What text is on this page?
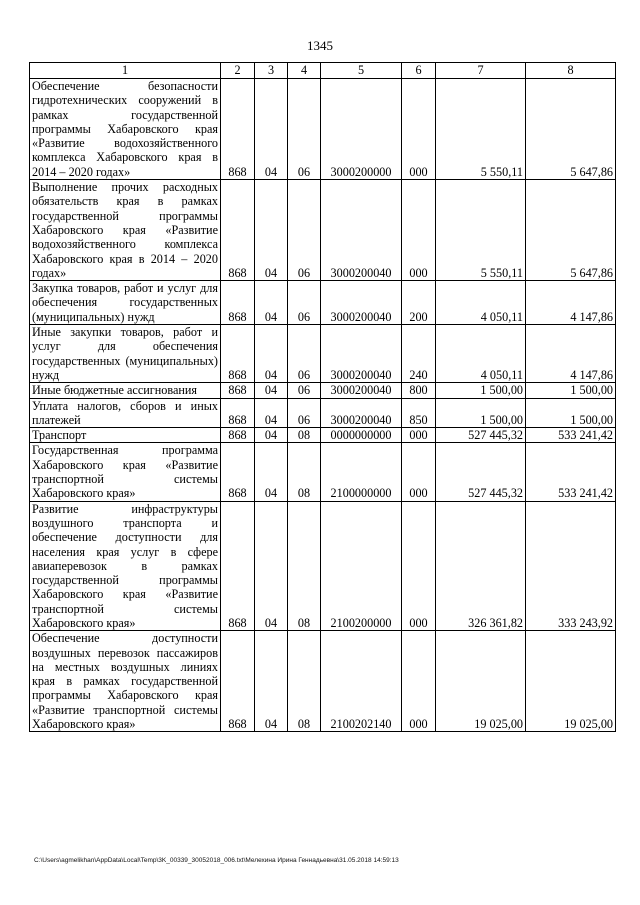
1345
1	2	3	4	5	6	7	8
Обеспечение безопасности гидротехнических сооружений в рамках государственной программы Хабаровского края «Развитие водохозяйственного комплекса Хабаровского края в 2014 – 2020 годах»	868	04	06	3000200000	000	5 550,11	5 647,86
Выполнение прочих расходных обязательств края в рамках государственной программы Хабаровского края «Развитие водохозяйственного комплекса Хабаровского края в 2014 – 2020 годах»	868	04	06	3000200040	000	5 550,11	5 647,86
Закупка товаров, работ и услуг для обеспечения государственных (муниципальных) нужд	868	04	06	3000200040	200	4 050,11	4 147,86
Иные закупки товаров, работ и услуг для обеспечения государственных (муниципальных) нужд	868	04	06	3000200040	240	4 050,11	4 147,86
Иные бюджетные ассигнования	868	04	06	3000200040	800	1 500,00	1 500,00
Уплата налогов, сборов и иных платежей	868	04	06	3000200040	850	1 500,00	1 500,00
Транспорт	868	04	08	0000000000	000	527 445,32	533 241,42
Государственная программа Хабаровского края «Развитие транспортной системы Хабаровского края»	868	04	08	2100000000	000	527 445,32	533 241,42
Развитие инфраструктуры воздушного транспорта и обеспечение доступности для населения края услуг в сфере авиаперевозок в рамках государственной программы Хабаровского края «Развитие транспортной системы Хабаровского края»	868	04	08	2100200000	000	326 361,82	333 243,92
Обеспечение доступности воздушных перевозок пассажиров на местных воздушных линиях края в рамках государственной программы Хабаровского края «Развитие транспортной системы Хабаровского края»	868	04	08	2100202140	000	19 025,00	19 025,00
C:\Users\agmelikhan\AppData\Local\Temp\3K_00339_30052018_006.txt\Мелехина Ирина Геннадьевна\31.05.2018 14:59:13
